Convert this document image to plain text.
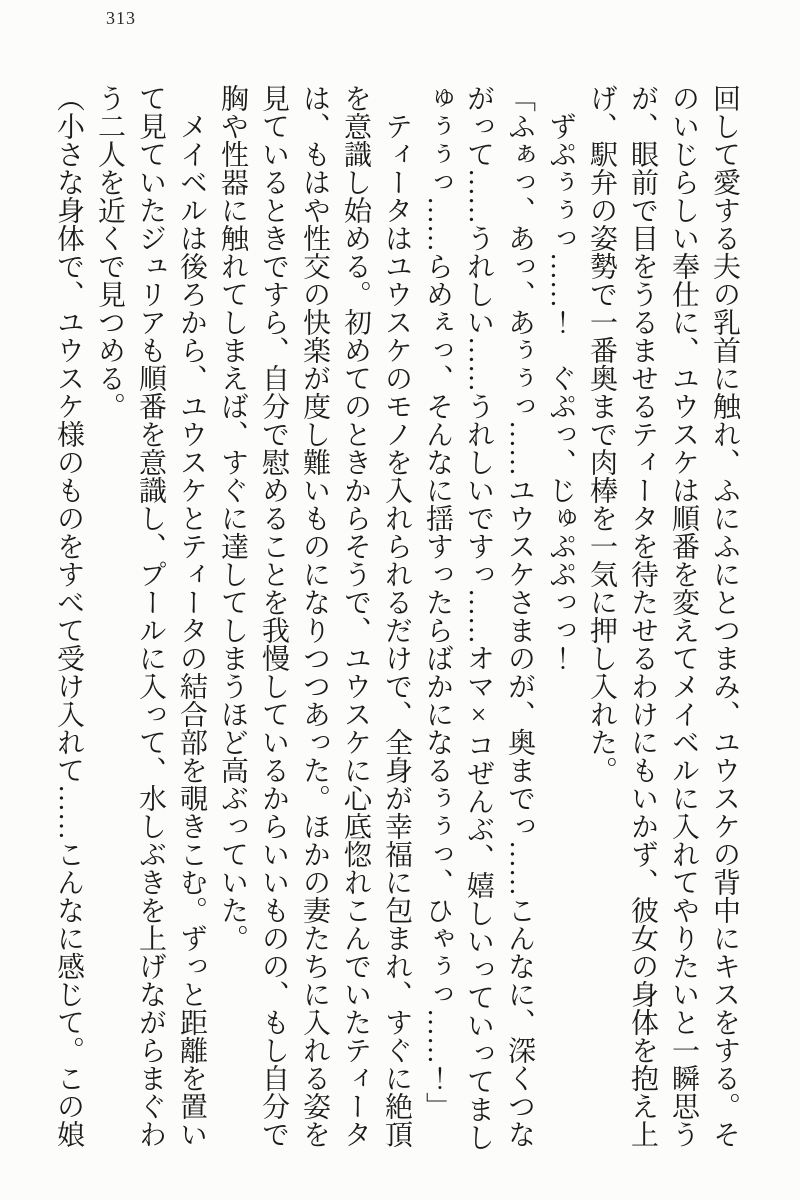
313

回して愛する夫の乳首に触れ、ふにふにとつまみ、ユウスケの背中にキスをする。そ

のいじらしい奉仕に、ユウスケは順番を変えてメイベルに入れてやりたいと一瞬思う

が、眼前で目をうるませるティータを待たせるわけにもいかず、彼女の身体を抱え上

げ、駅弁の姿勢で一番奥まで肉棒を一気に押し入れた。

　ずぷぅぅっ……！　ぐぷっ、じゅぷぷっっ！

「ふぁっ、あっ、あぅぅっ……ユウスケさまのが、奥までっ……こんなに、深くつな

がって……うれしい……うれしいですっ……オマ×コぜんぶ、嬉しいっていってまし

ゅぅぅっ……らめぇっ、そんなに揺すったらばかになるぅぅっ、ひゃぅっ……！」

　ティータはユウスケのモノを入れられるだけで、全身が幸福に包まれ、すぐに絶頂

を意識し始める。初めてのときからそうで、ユウスケに心底惚れこんでいたティータ

は、もはや性交の快楽が度し難いものになりつつあった。ほかの妻たちに入れる姿を

見ているときですら、自分で慰めることを我慢しているからいいものの、もし自分で

胸や性器に触れてしまえば、すぐに達してしまうほど高ぶっていた。

　メイベルは後ろから、ユウスケとティータの結合部を覗きこむ。ずっと距離を置い

て見ていたジュリアも順番を意識し、プールに入って、水しぶきを上げながらまぐわ

う二人を近くで見つめる。

（小さな身体で、ユウスケ様のものをすべて受け入れて……こんなに感じて。この娘
